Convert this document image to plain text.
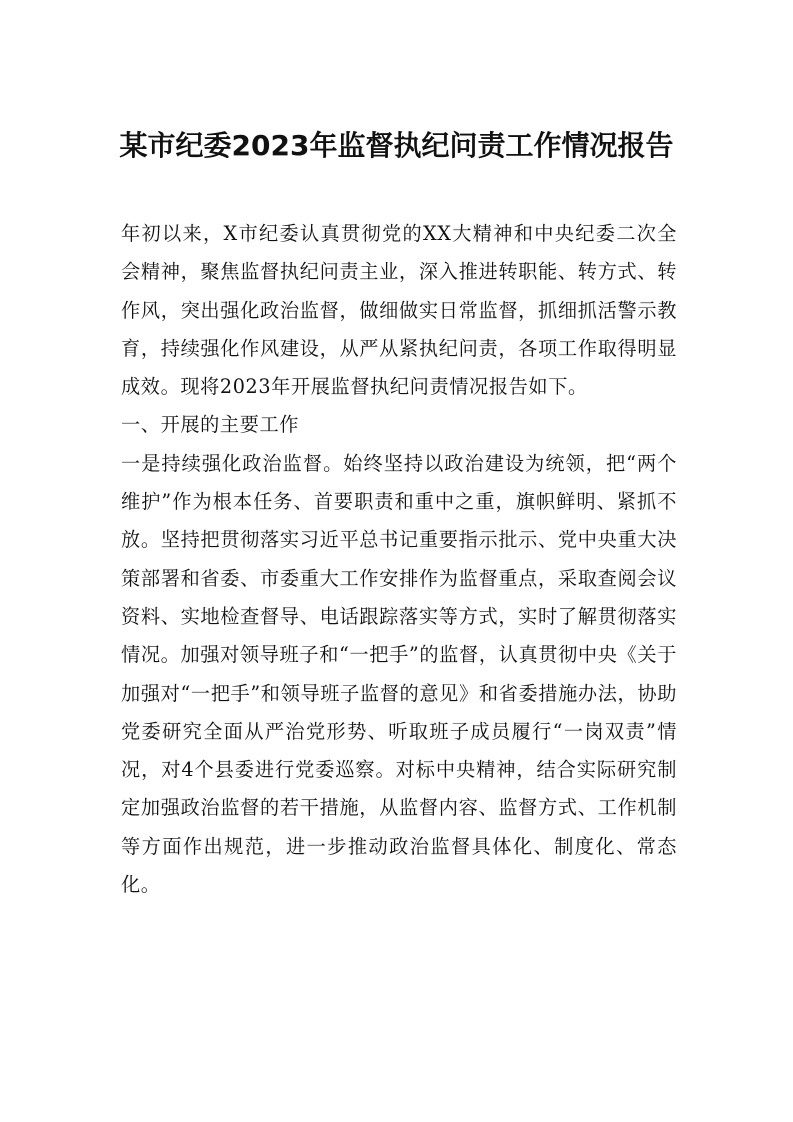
某市纪委2023年监督执纪问责工作情况报告

年初以来，X市纪委认真贯彻党的XX大精神和中央纪委二次全会精神，聚焦监督执纪问责主业，深入推进转职能、转方式、转作风，突出强化政治监督，做细做实日常监督，抓细抓活警示教育，持续强化作风建设，从严从紧执纪问责，各项工作取得明显成效。现将2023年开展监督执纪问责情况报告如下。

一、开展的主要工作

一是持续强化政治监督。始终坚持以政治建设为统领，把“两个维护”作为根本任务、首要职责和重中之重，旗帜鲜明、紧抓不放。坚持把贯彻落实习近平总书记重要指示批示、党中央重大决策部署和省委、市委重大工作安排作为监督重点，采取查阅会议资料、实地检查督导、电话跟踪落实等方式，实时了解贯彻落实情况。加强对领导班子和“一把手”的监督，认真贯彻中央《关于加强对“一把手”和领导班子监督的意见》和省委措施办法，协助党委研究全面从严治党形势、听取班子成员履行“一岗双责”情况，对4个县委进行党委巡察。对标中央精神，结合实际研究制定加强政治监督的若干措施，从监督内容、监督方式、工作机制等方面作出规范，进一步推动政治监督具体化、制度化、常态化。
